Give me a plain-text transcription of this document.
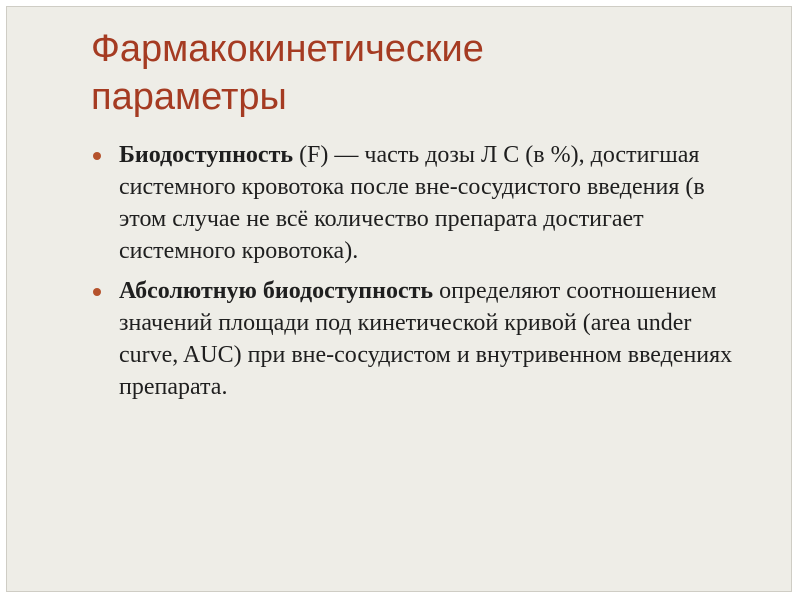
Фармакокинетические
параметры
Биодоступность (F) — часть дозы Л С (в %), достигшая системного кровотока после вне-сосудистого введения (в этом случае не всё количество препарата достигает системного кровотока).
Абсолютную биодоступность определяют соотношением значений площади под кинетической кривой (area under curve, AUC) при вне-сосудистом и внутривенном введениях препарата.
